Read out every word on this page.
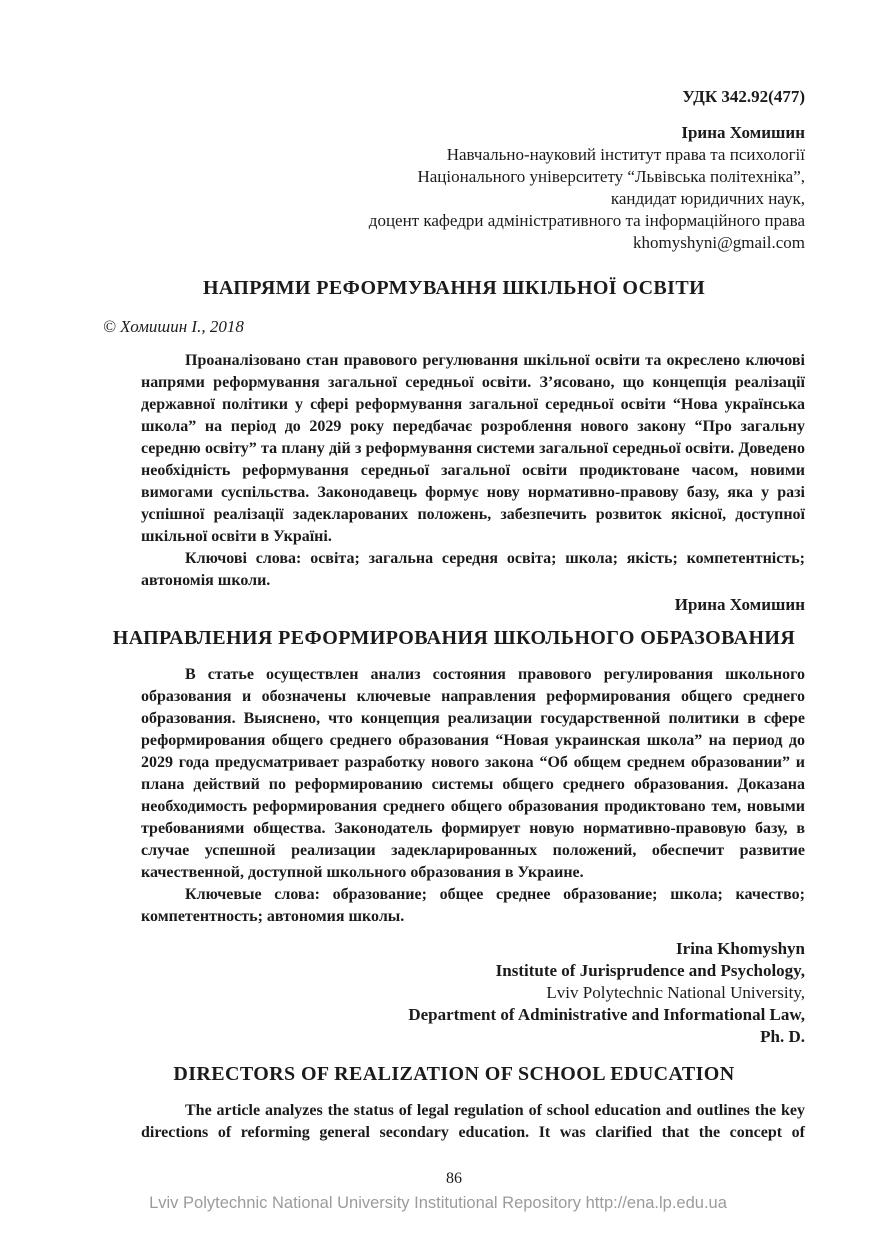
УДК 342.92(477)
Ірина Хомишин
Навчально-науковий інститут права та психології
Національного університету “Львівська політехніка”,
кандидат юридичних наук,
доцент кафедри адміністративного та інформаційного права
khomyshyni@gmail.com
НАПРЯМИ РЕФОРМУВАННЯ ШКІЛЬНОЇ ОСВІТИ
© Хомишин І., 2018

Проаналізовано стан правового регулювання шкільної освіти та окреслено ключові напрями реформування загальної середньої освіти. З’ясовано, що концепція реалізації державної політики у сфері реформування загальної середньої освіти “Нова українська школа” на період до 2029 року передбачає розроблення нового закону “Про загальну середню освіту” та плану дій з реформування системи загальної середньої освіти. Доведено необхідність реформування середньої загальної освіти продиктоване часом, новими вимогами суспільства. Законодавець формує нову нормативно-правову базу, яка у разі успішної реалізації задекларованих положень, забезпечить розвиток якісної, доступної шкільної освіти в Україні.

Ключові слова: освіта; загальна середня освіта; школа; якість; компетентність; автономія школи.

Ирина Хомишин
НАПРАВЛЕНИЯ РЕФОРМИРОВАНИЯ ШКОЛЬНОГО ОБРАЗОВАНИЯ

В статье осуществлен анализ состояния правового регулирования школьного образования и обозначены ключевые направления реформирования общего среднего образования. Выяснено, что концепция реализации государственной политики в сфере реформирования общего среднего образования “Новая украинская школа” на период до 2029 года предусматривает разработку нового закона “Об общем среднем образовании” и плана действий по реформированию системы общего среднего образования. Доказана необходимость реформирования среднего общего образования продиктовано тем, новыми требованиями общества. Законодатель формирует новую нормативно-правовую базу, в случае успешной реализации задекларированных положений, обеспечит развитие качественной, доступной школьного образования в Украине.

Ключевые слова: образование; общее среднее образование; школа; качество; компетентность; автономия школы.

Irina Khomyshyn
Institute of Jurisprudence and Psychology,
Lviv Polytechnic National University,
Department of Administrative and Informational Law,
Ph. D.
DIRECTORS OF REALIZATION OF SCHOOL EDUCATION

The article analyzes the status of legal regulation of school education and outlines the key directions of reforming general secondary education. It was clarified that the concept of

86
Lviv Polytechnic National University Institutional Repository http://ena.lp.edu.ua
